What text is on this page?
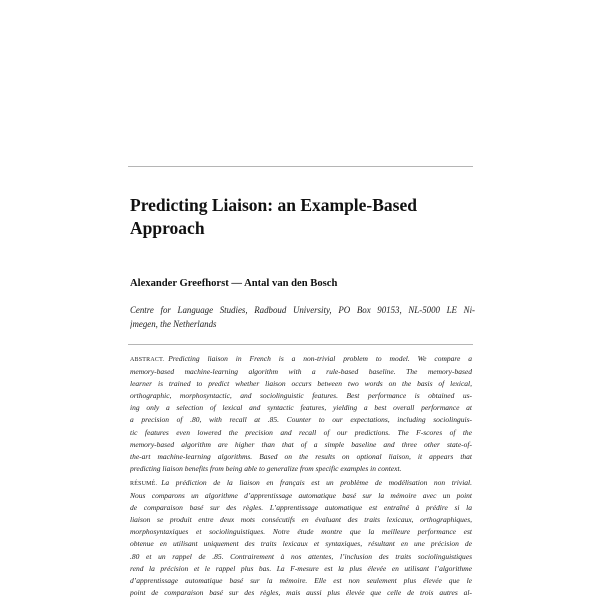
Predicting Liaison: an Example-Based
Approach
Alexander Greefhorst — Antal van den Bosch
Centre for Language Studies, Radboud University, PO Box 90153, NL-5000 LE Ni-
jmegen, the Netherlands
ABSTRACT. Predicting liaison in French is a non-trivial problem to model. We compare a
memory-based machine-learning algorithm with a rule-based baseline. The memory-based
learner is trained to predict whether liaison occurs between two words on the basis of lexical,
orthographic, morphosyntactic, and sociolinguistic features. Best performance is obtained us-
ing only a selection of lexical and syntactic features, yielding a best overall performance at
a precision of .80, with recall at .85. Counter to our expectations, including sociolinguis-
tic features even lowered the precision and recall of our predictions. The F-scores of the
memory-based algorithm are higher than that of a simple baseline and three other state-of-
the-art machine-learning algorithms. Based on the results on optional liaison, it appears that
predicting liaison benefits from being able to generalize from specific examples in context.
RÉSUMÉ. La prédiction de la liaison en français est un problème de modélisation non trivial.
Nous comparons un algorithme d’apprentissage automatique basé sur la mémoire avec un point
de comparaison basé sur des règles. L’apprentissage automatique est entraîné à prédire si la
liaison se produit entre deux mots consécutifs en évaluant des traits lexicaux, orthographiques,
morphosyntaxiques et sociolinguistiques. Notre étude montre que la meilleure performance est
obtenue en utilisant uniquement des traits lexicaux et syntaxiques, résultant en une précision de
.80 et un rappel de .85. Contrairement à nos attentes, l’inclusion des traits sociolinguistiques
rend la précision et le rappel plus bas. La F-mesure est la plus élevée en utilisant l’algorithme
d’apprentissage automatique basé sur la mémoire. Elle est non seulement plus élevée que le
point de comparaison basé sur des règles, mais aussi plus élevée que celle de trois autres al-
